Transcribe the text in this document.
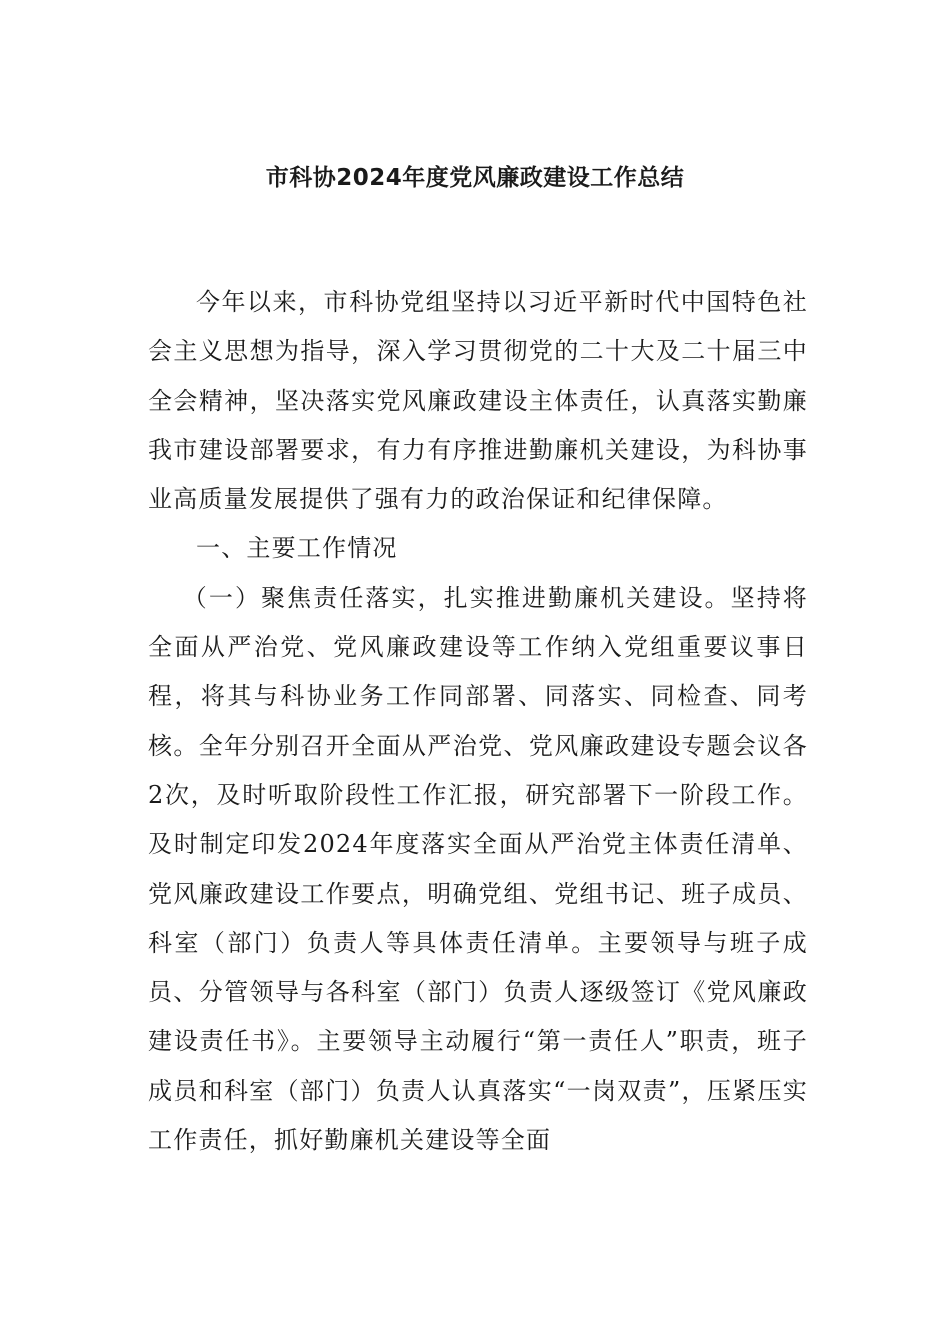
市科协2024年度党风廉政建设工作总结

今年以来，市科协党组坚持以习近平新时代中国特色社会主义思想为指导，深入学习贯彻党的二十大及二十届三中全会精神，坚决落实党风廉政建设主体责任，认真落实勤廉我市建设部署要求，有力有序推进勤廉机关建设，为科协事业高质量发展提供了强有力的政治保证和纪律保障。

一、主要工作情况

（一）聚焦责任落实，扎实推进勤廉机关建设。坚持将全面从严治党、党风廉政建设等工作纳入党组重要议事日程，将其与科协业务工作同部署、同落实、同检查、同考核。全年分别召开全面从严治党、党风廉政建设专题会议各2次，及时听取阶段性工作汇报，研究部署下一阶段工作。及时制定印发2024年度落实全面从严治党主体责任清单、党风廉政建设工作要点，明确党组、党组书记、班子成员、科室（部门）负责人等具体责任清单。主要领导与班子成员、分管领导与各科室（部门）负责人逐级签订《党风廉政建设责任书》。主要领导主动履行“第一责任人”职责，班子成员和科室（部门）负责人认真落实“一岗双责”，压紧压实工作责任，抓好勤廉机关建设等全面
